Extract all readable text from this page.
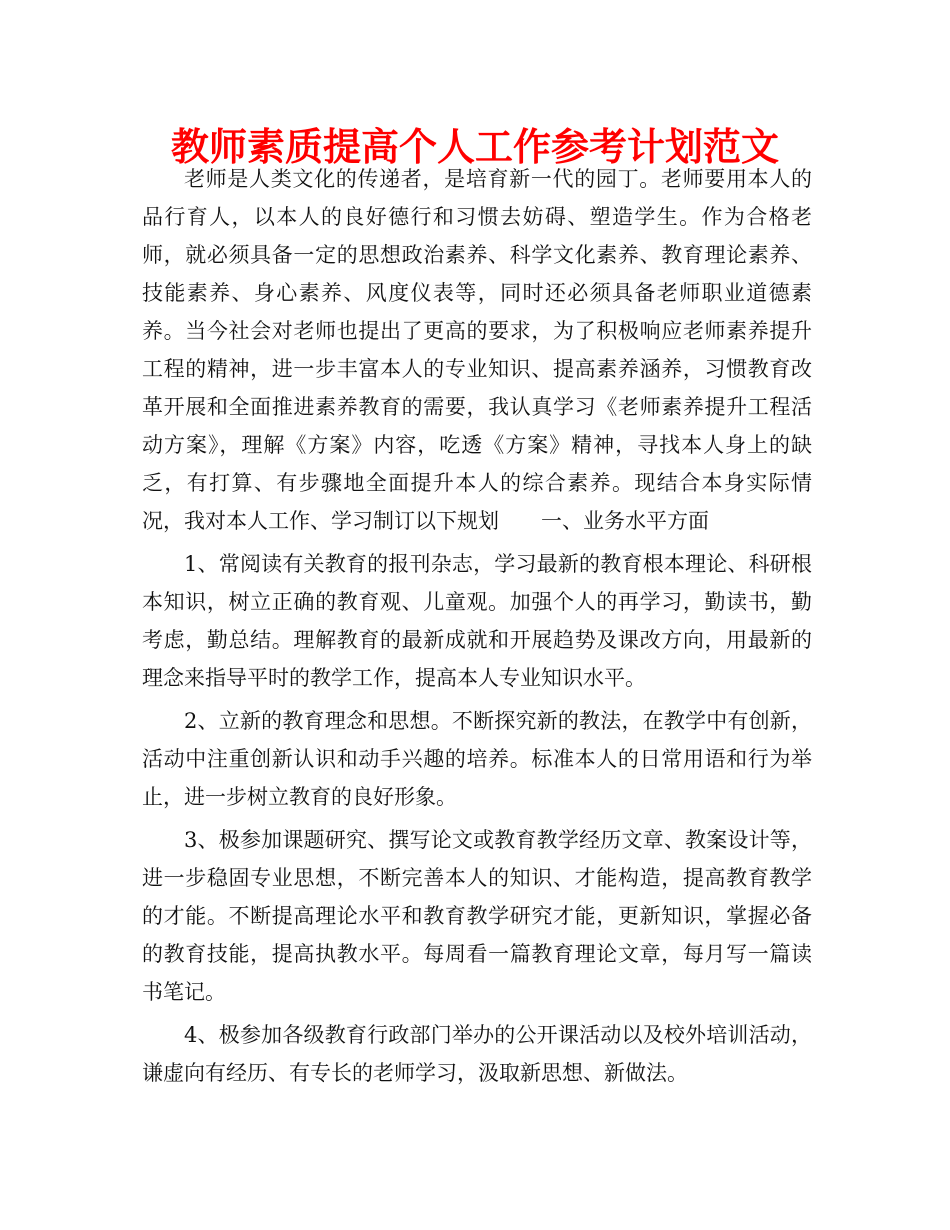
教师素质提高个人工作参考计划范文

老师是人类文化的传递者，是培育新一代的园丁。老师要用本人的品行育人，以本人的良好德行和习惯去妨碍、塑造学生。作为合格老师，就必须具备一定的思想政治素养、科学文化素养、教育理论素养、技能素养、身心素养、风度仪表等，同时还必须具备老师职业道德素养。当今社会对老师也提出了更高的要求，为了积极响应老师素养提升工程的精神，进一步丰富本人的专业知识、提高素养涵养，习惯教育改革开展和全面推进素养教育的需要，我认真学习《老师素养提升工程活动方案》，理解《方案》内容，吃透《方案》精神，寻找本人身上的缺乏，有打算、有步骤地全面提升本人的综合素养。现结合本身实际情况，我对本人工作、学习制订以下规划　　一、业务水平方面

1、常阅读有关教育的报刊杂志，学习最新的教育根本理论、科研根本知识，树立正确的教育观、儿童观。加强个人的再学习，勤读书，勤考虑，勤总结。理解教育的最新成就和开展趋势及课改方向，用最新的理念来指导平时的教学工作，提高本人专业知识水平。

2、立新的教育理念和思想。不断探究新的教法，在教学中有创新，活动中注重创新认识和动手兴趣的培养。标准本人的日常用语和行为举止，进一步树立教育的良好形象。

3、极参加课题研究、撰写论文或教育教学经历文章、教案设计等，进一步稳固专业思想，不断完善本人的知识、才能构造，提高教育教学的才能。不断提高理论水平和教育教学研究才能，更新知识，掌握必备的教育技能，提高执教水平。每周看一篇教育理论文章，每月写一篇读书笔记。

4、极参加各级教育行政部门举办的公开课活动以及校外培训活动，谦虚向有经历、有专长的老师学习，汲取新思想、新做法。
